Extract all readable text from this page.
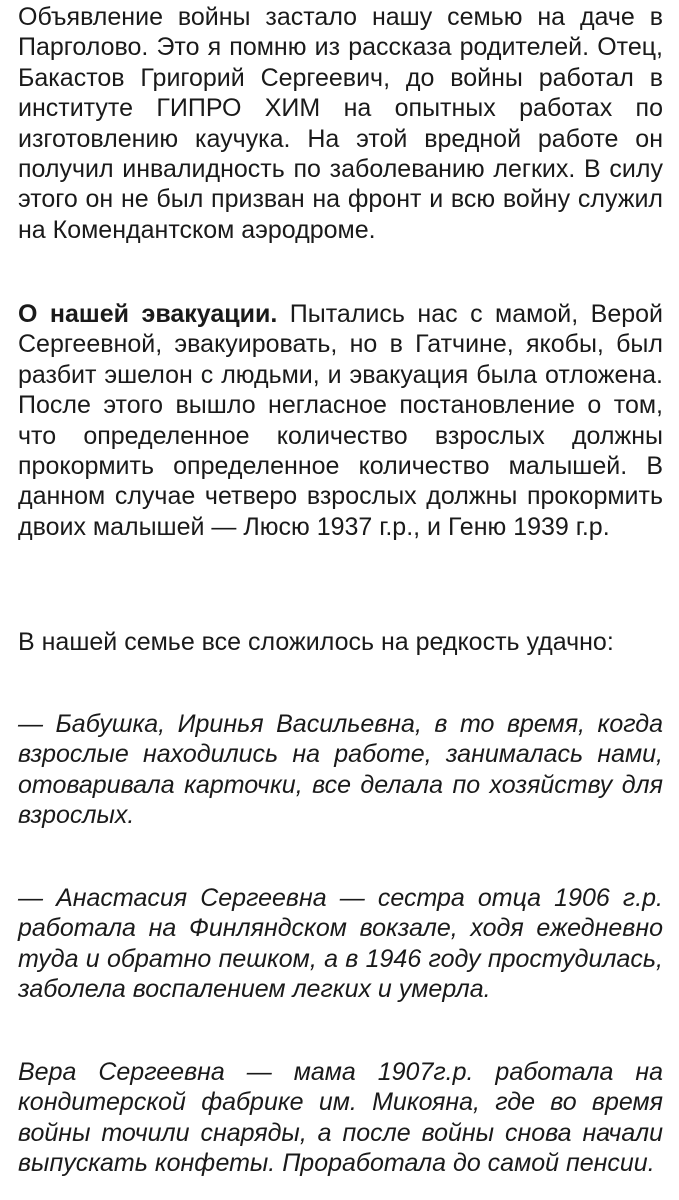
Объявление войны застало нашу семью на даче в Парголово. Это я помню из рассказа родителей. Отец, Бакастов Григорий Сергеевич, до войны работал в институте ГИПРО ХИМ на опытных работах по изготовлению каучука. На этой вредной работе он получил инвалидность по заболеванию легких. В силу этого он не был призван на фронт и всю войну служил на Комендантском аэродроме.

О нашей эвакуации. Пытались нас с мамой, Верой Сергеевной, эвакуировать, но в Гатчине, якобы, был разбит эшелон с людьми, и эвакуация была отложена. После этого вышло негласное постановление о том, что определенное количество взрослых должны прокормить определенное количество малышей. В данном случае четверо взрослых должны прокормить двоих малышей — Люсю 1937 г.р., и Геню 1939 г.р.

В нашей семье все сложилось на редкость удачно:

— Бабушка, Иринья Васильевна, в то время, когда взрослые находились на работе, занималась нами, отоваривала карточки, все делала по хозяйству для взрослых.

— Анастасия Сергеевна — сестра отца 1906 г.р. работала на Финляндском вокзале, ходя ежедневно туда и обратно пешком, а в 1946 году простудилась, заболела воспалением легких и умерла.

Вера Сергеевна — мама 1907г.р. работала на кондитерской фабрике им. Микояна, где во время войны точили снаряды, а после войны снова начали выпускать конфеты. Проработала до самой пенсии.
